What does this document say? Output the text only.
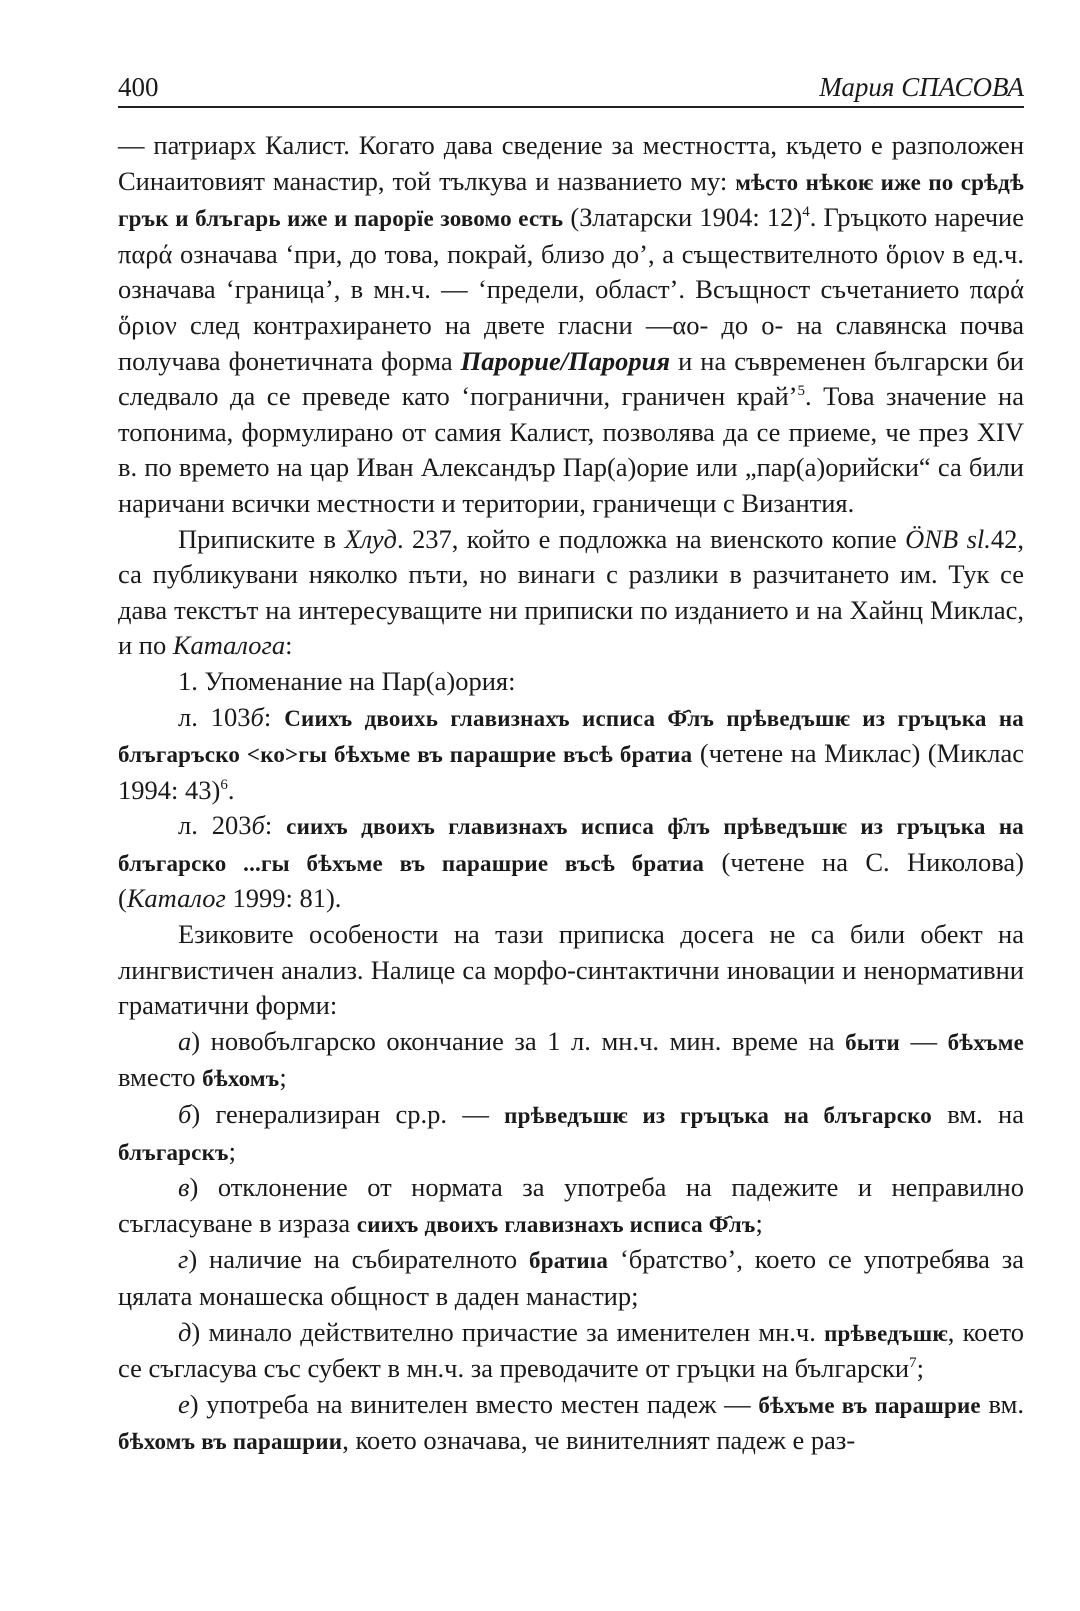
400	Мария СПАСОВА

— патриарх Калист. Когато дава сведение за местността, където е разположен Синаитовият манастир, той тълкува и названието му: мѣсто нѣкоѥ иже по срѣдѣ грък и блъгарь иже и парорїе зовомо есть (Златарски 1904: 12)$^4$. Гръцкото наречие παρά означава ‘при, до това, покрай, близо до’, а съществителното ὅριον в ед.ч. означава ‘граница’, в мн.ч. — ‘предели, област’. Всъщност съчетанието παρά ὅριον след контрахирането на двете гласни —αο- до ο- на славянска почва получава фонетичната форма Парорие/Пароpия и на съвременен български би следвало да се преведе като ‘погранични, граничен край’$^5$. Това значение на топонима, формулирано от самия Калист, позволява да се приеме, че през XIV в. по времето на цар Иван Александър Пар(а)орие или „пар(а)орийски“ са били наричани всички местности и територии, граничещи с Византия.

Приписките в Хлуд. 237, който е подложка на виенското копие ÖNB sl.42, са публикувани няколко пъти, но винаги с разлики в разчитането им. Тук се дава текстът на интересуващите ни приписки по изданието и на Хайнц Миклас, и по Каталога:

1. Упоменание на Пар(а)ория:

л. 103б: Сиихъ двоихь главизнахъ исписа Ф҄лъ прѣведъшѥ из гръцъка на блъгаръско <ко>гы бѣхъме въ парашрие въсѣ братиа (четене на Миклас) (Миклас 1994: 43)$^6$.

л. 203б: сиихъ двоихъ главизнахъ исписа ф҄лъ прѣведъшѥ из гръцъка на блъгарско ...гы бѣхъме въ парашрие въсѣ братиа (четене на С. Николова) (Каталог 1999: 81).

Езиковите особености на тази приписка досега не са били обект на лингвистичен анализ. Налице са морфо-синтактични иновации и ненормативни граматични форми:

а) новобългарско окончание за 1 л. мн.ч. мин. време на быти — бѣхъме вместо бѣхомъ;

б) генерализиран ср.р. — прѣведъшѥ из гръцъка на блъгарско вм. на блъгарскъ;

в) отклонение от нормата за употреба на падежите и неправилно съгласуване в израза сиихъ двоихъ главизнахъ исписа Ф҄лъ;

г) наличие на събирателното братиıа ‘братство’, което се употребява за цялата монашеска общност в даден манастир;

д) минало действително причастие за именителен мн.ч. прѣведъшѥ, което се съгласува със субект в мн.ч. за преводачите от гръцки на български$^7$;

е) употреба на винителен вместо местен падеж — бѣхъме въ парашрие вм. бѣхомъ въ парашрии, което означава, че винителният падеж е раз-
